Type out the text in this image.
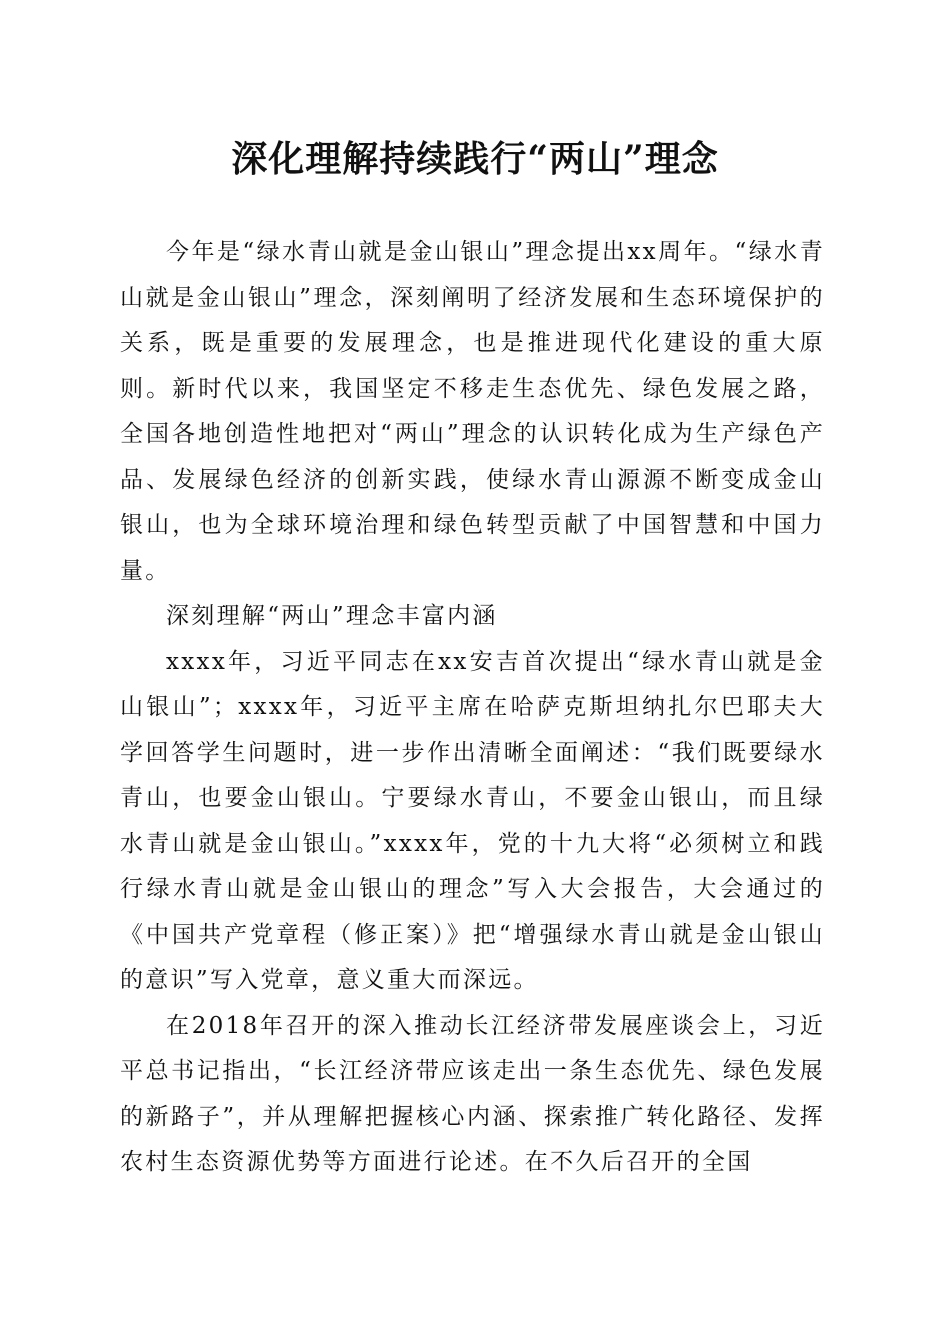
深化理解持续践行“两山”理念

今年是“绿水青山就是金山银山”理念提出xx周年。“绿水青山就是金山银山”理念，深刻阐明了经济发展和生态环境保护的关系，既是重要的发展理念，也是推进现代化建设的重大原则。新时代以来，我国坚定不移走生态优先、绿色发展之路，全国各地创造性地把对“两山”理念的认识转化成为生产绿色产品、发展绿色经济的创新实践，使绿水青山源源不断变成金山银山，也为全球环境治理和绿色转型贡献了中国智慧和中国力量。

深刻理解“两山”理念丰富内涵

xxxx年，习近平同志在xx安吉首次提出“绿水青山就是金山银山”；xxxx年，习近平主席在哈萨克斯坦纳扎尔巴耶夫大学回答学生问题时，进一步作出清晰全面阐述：“我们既要绿水青山，也要金山银山。宁要绿水青山，不要金山银山，而且绿水青山就是金山银山。”xxxx年，党的十九大将“必须树立和践行绿水青山就是金山银山的理念”写入大会报告，大会通过的《中国共产党章程（修正案）》把“增强绿水青山就是金山银山的意识”写入党章，意义重大而深远。

在2018年召开的深入推动长江经济带发展座谈会上，习近平总书记指出，“长江经济带应该走出一条生态优先、绿色发展的新路子”，并从理解把握核心内涵、探索推广转化路径、发挥农村生态资源优势等方面进行论述。在不久后召开的全国
